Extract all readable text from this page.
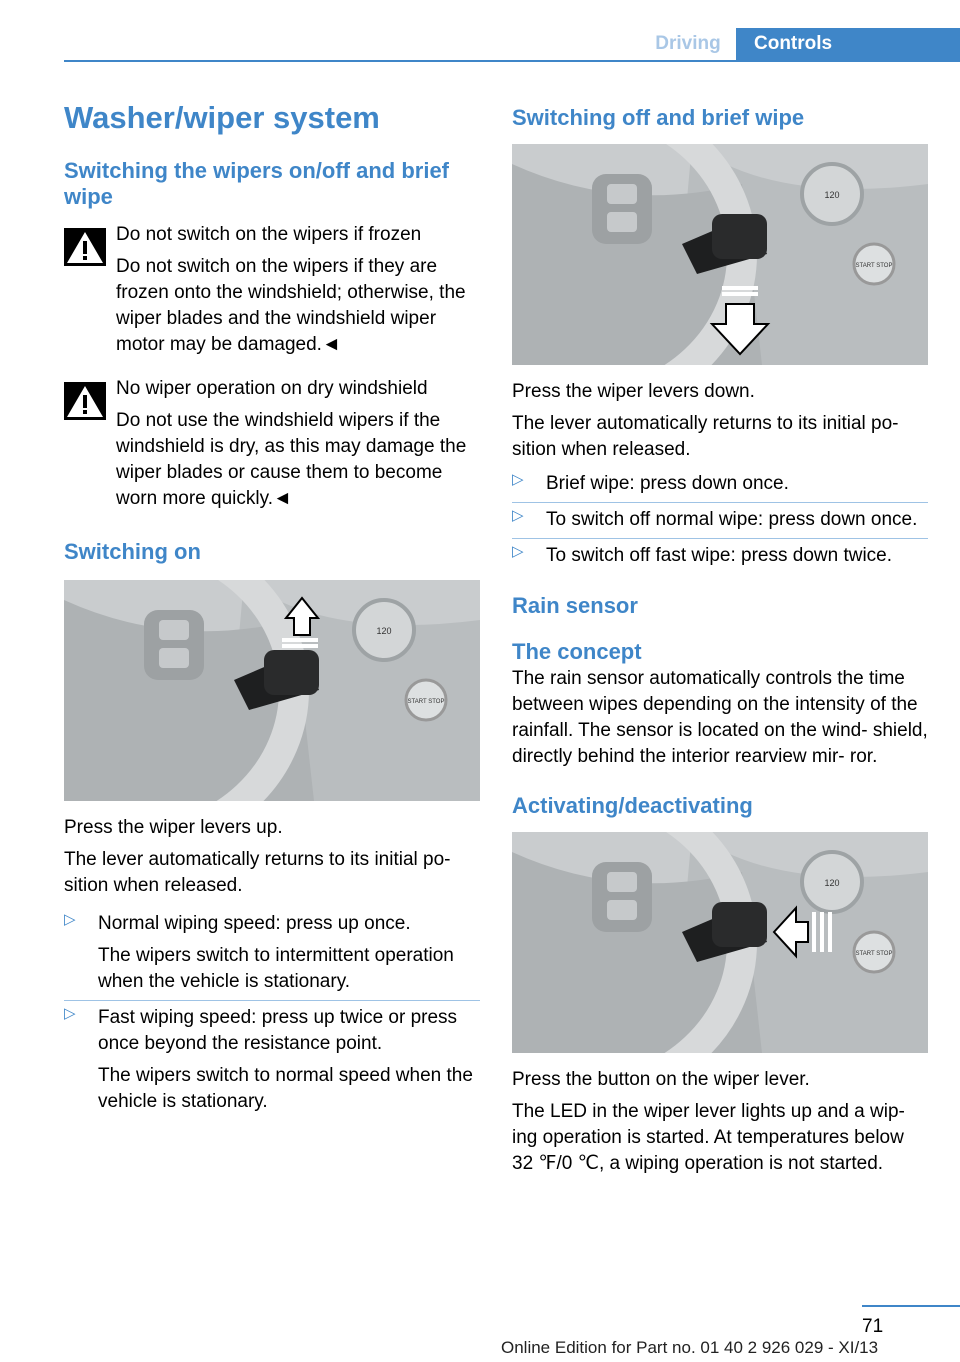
Driving	Controls
Washer/wiper system
Switching the wipers on/off and brief wipe

Do not switch on the wipers if frozen

Do not switch on the wipers if they are frozen onto the windshield; otherwise, the wiper blades and the windshield wiper motor may be damaged.◄

No wiper operation on dry windshield

Do not use the windshield wipers if the windshield is dry, as this may damage the wiper blades or cause them to become worn more quickly.◄

Switching on
120
START STOP

Press the wiper levers up.

The lever automatically returns to its initial po‐ sition when released.

▷ Normal wiping speed: press up once.
The wipers switch to intermittent operation when the vehicle is stationary.
▷ Fast wiping speed: press up twice or press once beyond the resistance point.
The wipers switch to normal speed when the vehicle is stationary.
Switching off and brief wipe
120
START STOP

Press the wiper levers down.

The lever automatically returns to its initial po‐ sition when released.

▷ Brief wipe: press down once.
▷ To switch off normal wipe: press down once.
▷ To switch off fast wipe: press down twice.
Rain sensor
The concept

The rain sensor automatically controls the time between wipes depending on the intensity of the rainfall. The sensor is located on the wind‐ shield, directly behind the interior rearview mir‐ ror.

Activating/deactivating
120
START STOP

Press the button on the wiper lever.

The LED in the wiper lever lights up and a wip‐ ing operation is started. At temperatures below 32 ℉/0 ℃, a wiping operation is not started.

71
Online Edition for Part no. 01 40 2 926 029 - XI/13
